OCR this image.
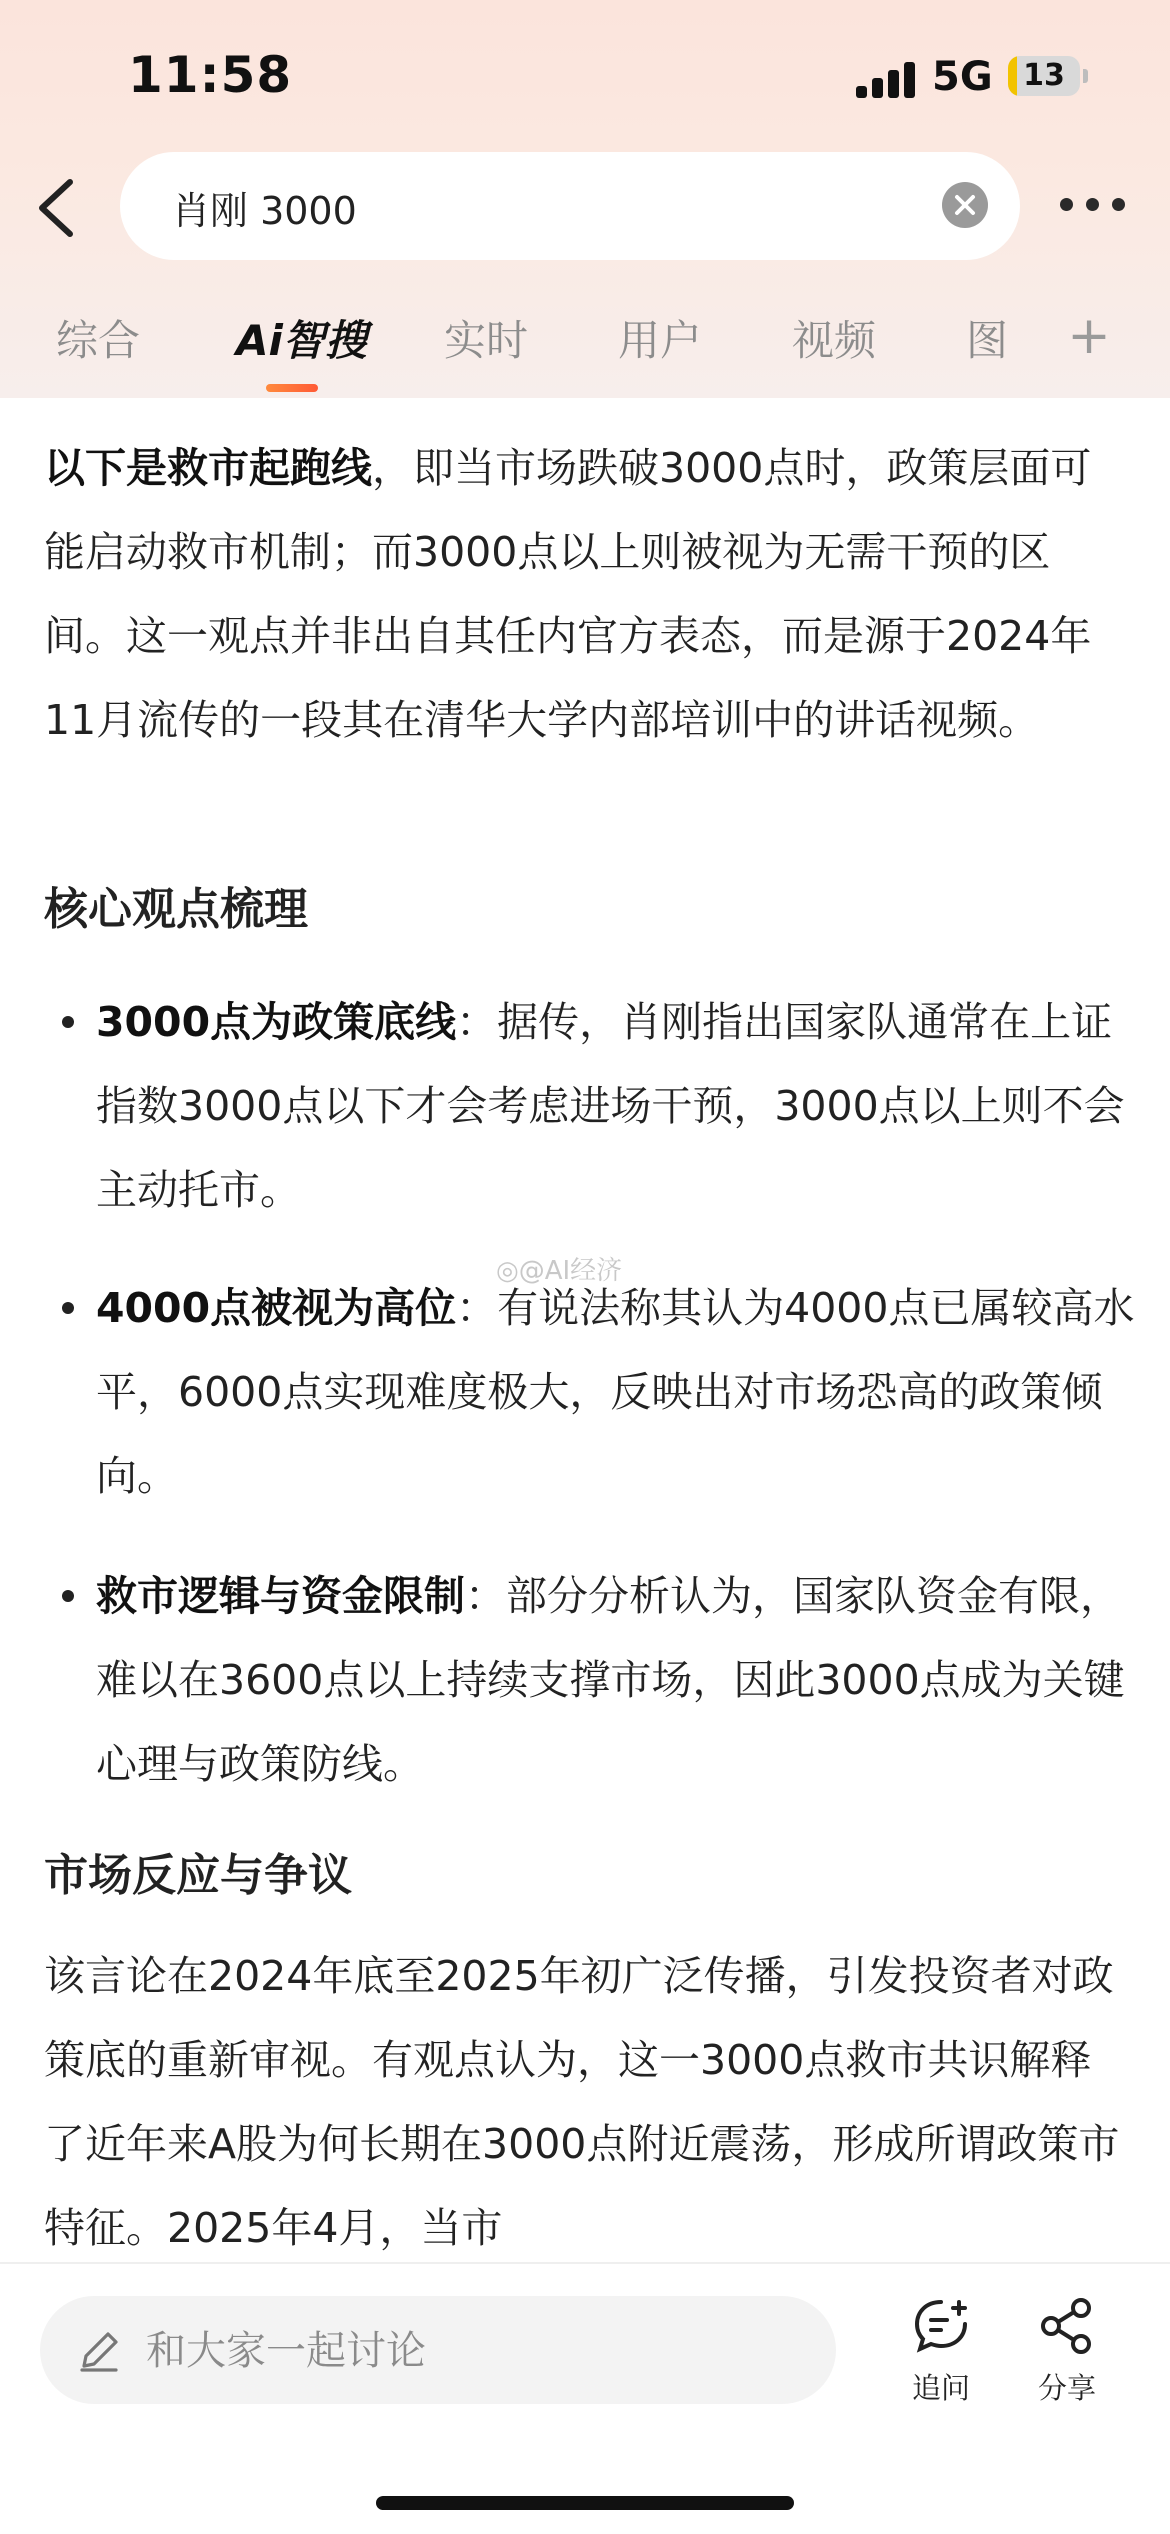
11:58	5G	13
肖刚 3000
综合 Ai智搜 实时 用户 视频 图 +

以下是救市起跑线，即当市场跌破3000点时，政策层面可能启动救市机制；而3000点以上则被视为无需干预的区间。这一观点并非出自其任内官方表态，而是源于2024年11月流传的一段其在清华大学内部培训中的讲话视频。

核心观点梳理

3000点为政策底线：据传，肖刚指出国家队通常在上证指数3000点以下才会考虑进场干预，3000点以上则不会主动托市。

4000点被视为高位：有说法称其认为4000点已属较高水平，6000点实现难度极大，反映出对市场恐高的政策倾向。

救市逻辑与资金限制：部分分析认为，国家队资金有限，难以在3600点以上持续支撑市场，因此3000点成为关键心理与政策防线。

市场反应与争议

该言论在2024年底至2025年初广泛传播，引发投资者对政策底的重新审视。有观点认为，这一3000点救市共识解释了近年来A股为何长期在3000点附近震荡，形成所谓政策市特征。2025年4月，当市

◎@AI经济
和大家一起讨论
追问	分享
